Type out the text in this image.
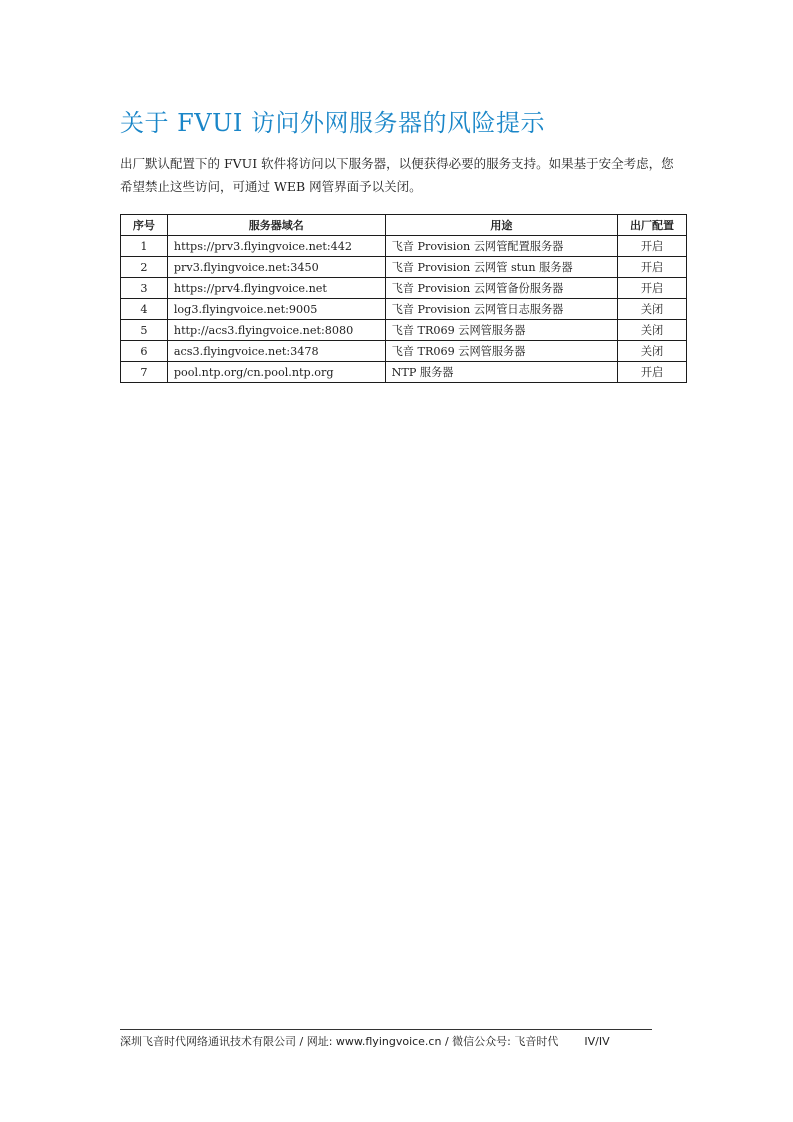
关于 FVUI 访问外网服务器的风险提示

出厂默认配置下的 FVUI 软件将访问以下服务器，以便获得必要的服务支持。如果基于安全考虑，您希望禁止这些访问，可通过 WEB 网管界面予以关闭。

序号	服务器域名	用途	出厂配置
1	https://prv3.flyingvoice.net:442	飞音 Provision 云网管配置服务器	开启
2	prv3.flyingvoice.net:3450	飞音 Provision 云网管 stun 服务器	开启
3	https://prv4.flyingvoice.net	飞音 Provision 云网管备份服务器	开启
4	log3.flyingvoice.net:9005	飞音 Provision 云网管日志服务器	关闭
5	http://acs3.flyingvoice.net:8080	飞音 TR069 云网管服务器	关闭
6	acs3.flyingvoice.net:3478	飞音 TR069 云网管服务器	关闭
7	pool.ntp.org/cn.pool.ntp.org	NTP 服务器	开启

深圳飞音时代网络通讯技术有限公司 / 网址: www.flyingvoice.cn / 微信公众号: 飞音时代 IV/IV
